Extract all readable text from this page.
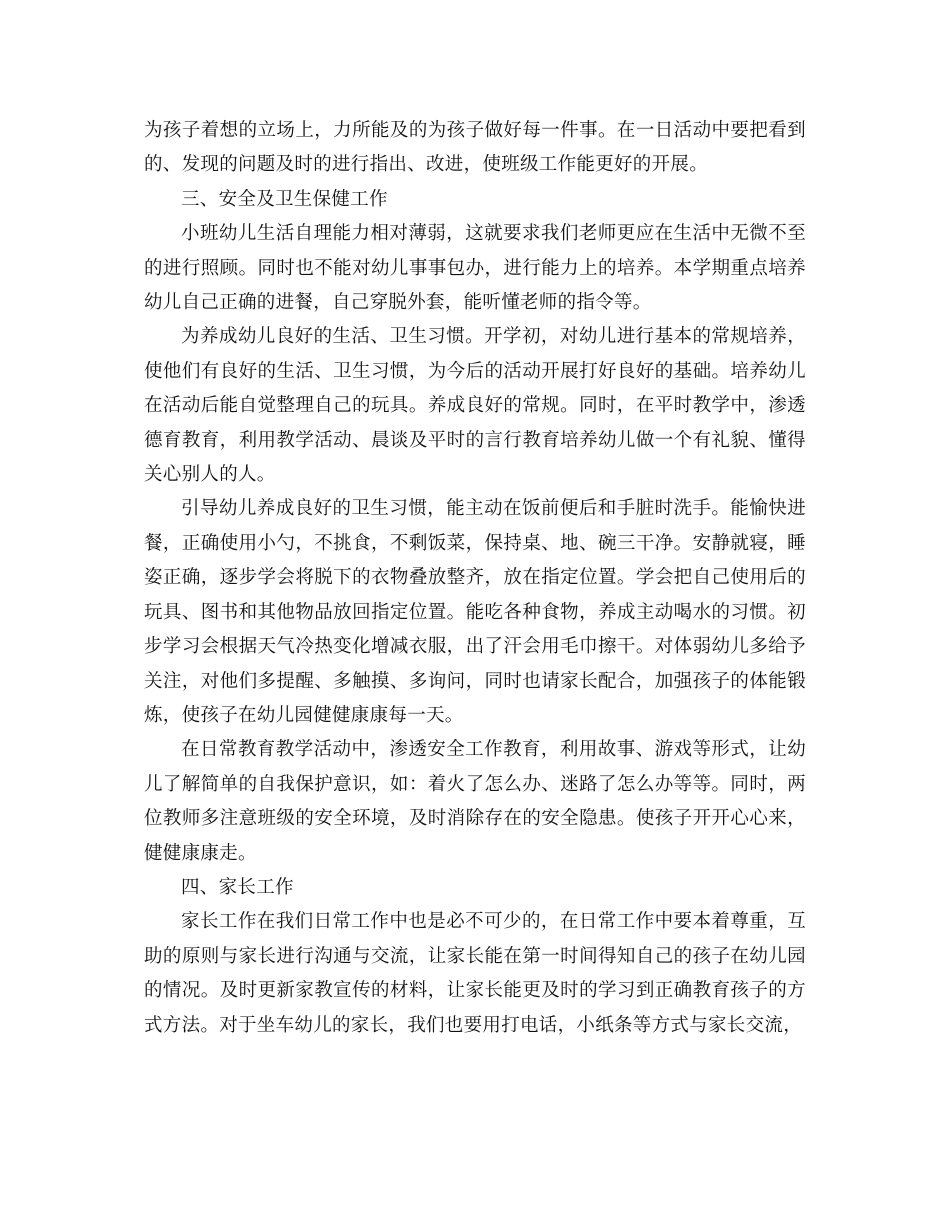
为孩子着想的立场上，力所能及的为孩子做好每一件事。在一日活动中要把看到的、发现的问题及时的进行指出、改进，使班级工作能更好的开展。

三、安全及卫生保健工作

小班幼儿生活自理能力相对薄弱，这就要求我们老师更应在生活中无微不至的进行照顾。同时也不能对幼儿事事包办，进行能力上的培养。本学期重点培养幼儿自己正确的进餐，自己穿脱外套，能听懂老师的指令等。

为养成幼儿良好的生活、卫生习惯。开学初，对幼儿进行基本的常规培养，使他们有良好的生活、卫生习惯，为今后的活动开展打好良好的基础。培养幼儿在活动后能自觉整理自己的玩具。养成良好的常规。同时，在平时教学中，渗透德育教育，利用教学活动、晨谈及平时的言行教育培养幼儿做一个有礼貌、懂得关心别人的人。

引导幼儿养成良好的卫生习惯，能主动在饭前便后和手脏时洗手。能愉快进餐，正确使用小勺，不挑食，不剩饭菜，保持桌、地、碗三干净。安静就寝，睡姿正确，逐步学会将脱下的衣物叠放整齐，放在指定位置。学会把自己使用后的玩具、图书和其他物品放回指定位置。能吃各种食物，养成主动喝水的习惯。初步学习会根据天气冷热变化增减衣服，出了汗会用毛巾擦干。对体弱幼儿多给予关注，对他们多提醒、多触摸、多询问，同时也请家长配合，加强孩子的体能锻炼，使孩子在幼儿园健健康康每一天。

在日常教育教学活动中，渗透安全工作教育，利用故事、游戏等形式，让幼儿了解简单的自我保护意识，如：着火了怎么办、迷路了怎么办等等。同时，两位教师多注意班级的安全环境，及时消除存在的安全隐患。使孩子开开心心来，健健康康走。

四、家长工作

家长工作在我们日常工作中也是必不可少的，在日常工作中要本着尊重，互助的原则与家长进行沟通与交流，让家长能在第一时间得知自己的孩子在幼儿园的情况。及时更新家教宣传的材料，让家长能更及时的学习到正确教育孩子的方式方法。对于坐车幼儿的家长，我们也要用打电话，小纸条等方式与家长交流，
